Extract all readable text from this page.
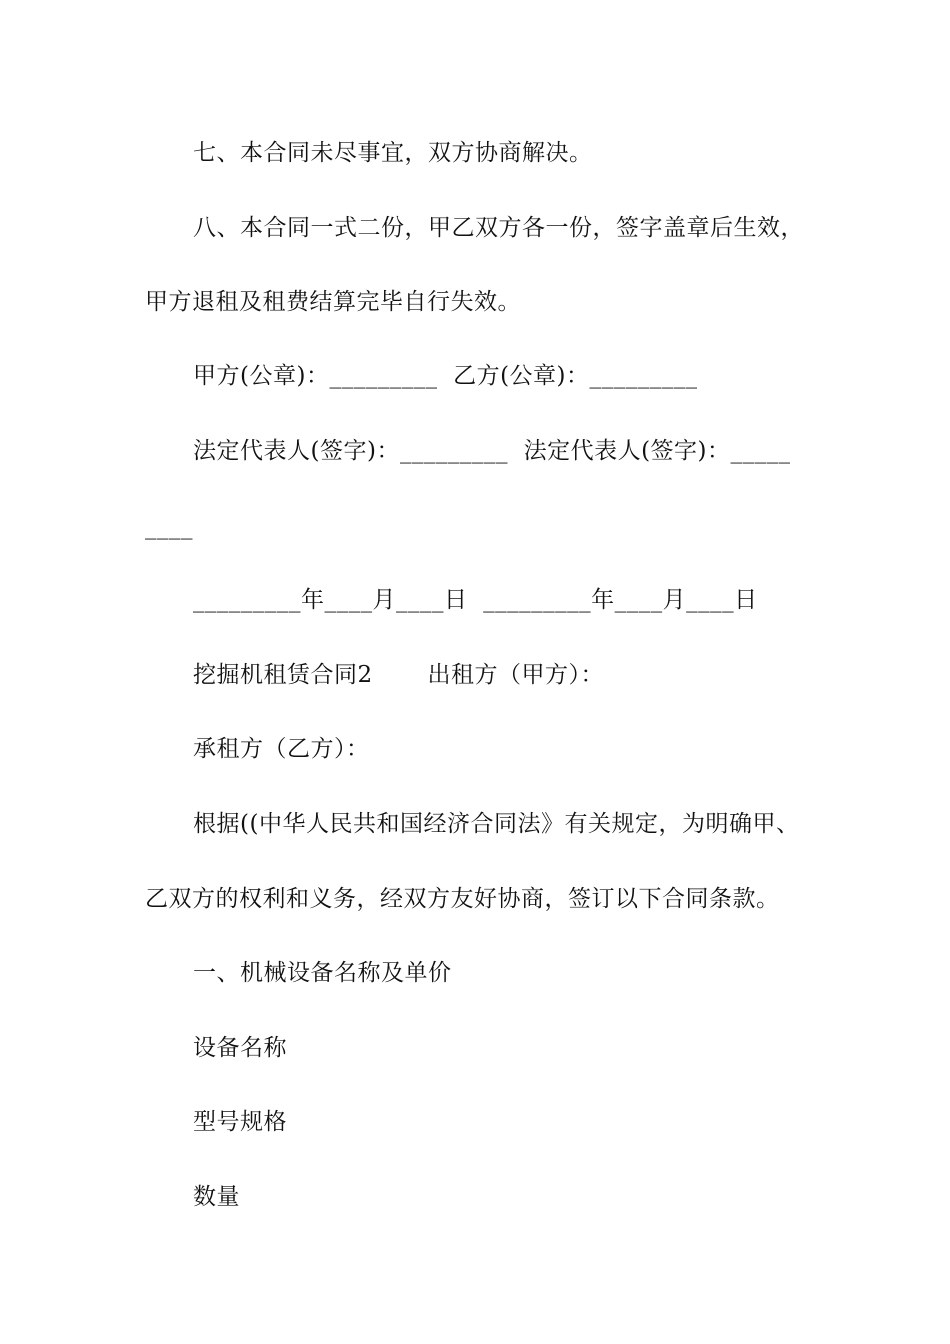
七、本合同未尽事宜，双方协商解决。
八、本合同一式二份，甲乙双方各一份，签字盖章后生效，
甲方退租及租费结算完毕自行失效。
甲方(公章)：_________  乙方(公章)：_________
法定代表人(签字)：_________  法定代表人(签字)：_____
____
_________年____月____日  _________年____月____日
挖掘机租赁合同2　　 出租方（甲方）：
承租方（乙方）：
根据((中华人民共和国经济合同法》有关规定，为明确甲、
乙双方的权利和义务，经双方友好协商，签订以下合同条款。
一、机械设备名称及单价
设备名称
型号规格
数量
